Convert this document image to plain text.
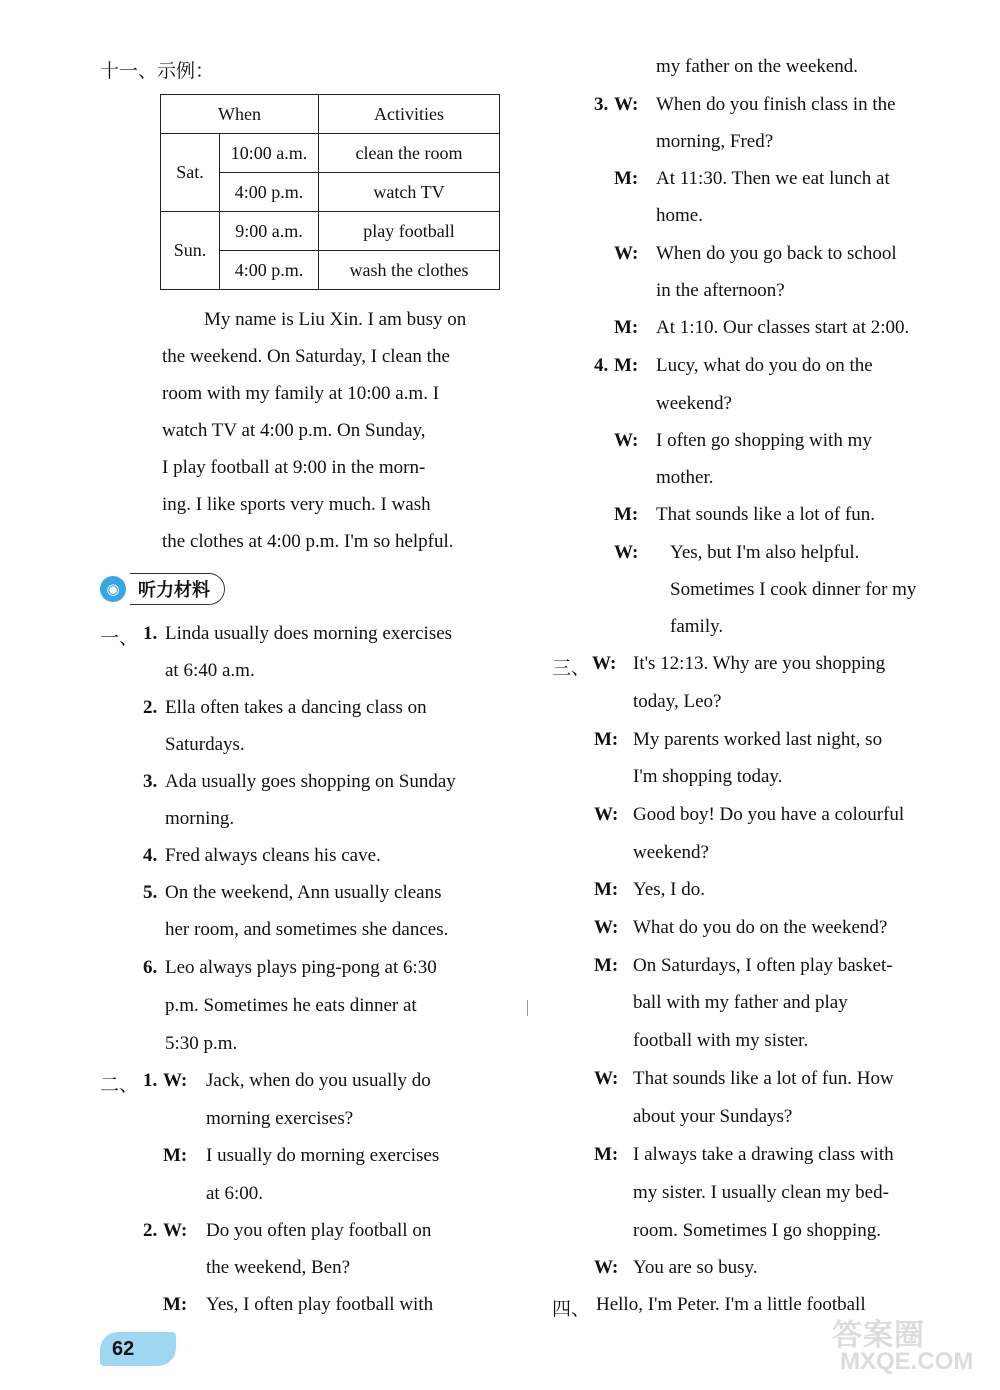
十一、示例：
When		Activities
Sat.	10:00 a.m.	clean the room
	4:00 p.m.	watch TV
Sun.	9:00 a.m.	play football
	4:00 p.m.	wash the clothes
My name is Liu Xin. I am busy on
the weekend. On Saturday, I clean the
room with my family at 10:00 a.m. I
watch TV at 4:00 p.m. On Sunday,
I play football at 9:00 in the morn-
ing. I like sports very much. I wash
the clothes at 4:00 p.m. I'm so helpful.
◉	听力材料
一、 1. Linda usually does morning exercises
at 6:40 a.m.
2. Ella often takes a dancing class on
Saturdays.
3. Ada usually goes shopping on Sunday
morning.
4. Fred always cleans his cave.
5. On the weekend, Ann usually cleans
her room, and sometimes she dances.
6. Leo always plays ping-pong at 6:30
p.m. Sometimes he eats dinner at
5:30 p.m.
二、 1. W: Jack, when do you usually do
morning exercises?
M: I usually do morning exercises
at 6:00.
2. W: Do you often play football on
the weekend, Ben?
M: Yes, I often play football with
62
my father on the weekend.
3. W: When do you finish class in the
morning, Fred?
M: At 11:30. Then we eat lunch at
home.
W: When do you go back to school
in the afternoon?
M: At 1:10. Our classes start at 2:00.
4. M: Lucy, what do you do on the
weekend?
W: I often go shopping with my
mother.
M: That sounds like a lot of fun.
W: Yes, but I'm also helpful.
Sometimes I cook dinner for my
family.
三、 W: It's 12:13. Why are you shopping
today, Leo?
M: My parents worked last night, so
I'm shopping today.
W: Good boy! Do you have a colourful
weekend?
M: Yes, I do.
W: What do you do on the weekend?
M: On Saturdays, I often play basket-
ball with my father and play
football with my sister.
W: That sounds like a lot of fun. How
about your Sundays?
M: I always take a drawing class with
my sister. I usually clean my bed-
room. Sometimes I go shopping.
W: You are so busy.
四、 Hello, I'm Peter. I'm a little football
答案圈
MXQE.COM
